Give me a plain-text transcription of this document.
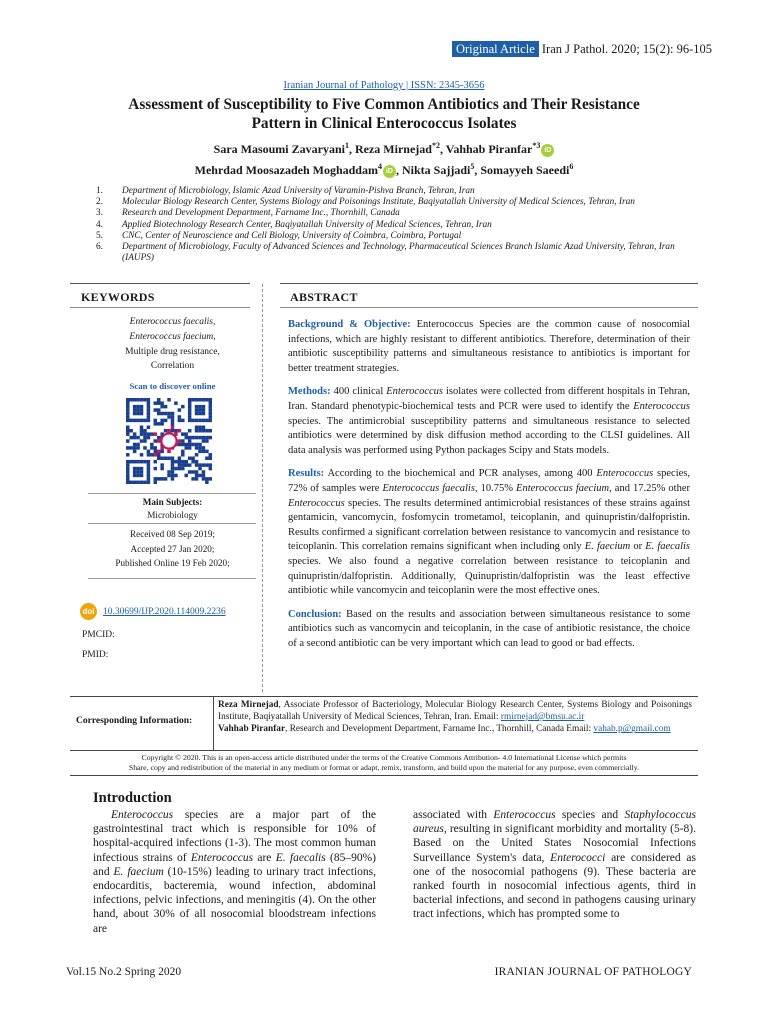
Original Article Iran J Pathol. 2020; 15(2): 96-105
Iranian Journal of Pathology | ISSN: 2345-3656
Assessment of Susceptibility to Five Common Antibiotics and Their Resistance
Pattern in Clinical Enterococcus Isolates
Sara Masoumi Zavaryani$^1$, Reza Mirnejad$^{*2}$, Vahhab Piranfar$^{*3}$iD
Mehrdad Moosazadeh Moghaddam$^4$iD , Nikta Sajjadi$^5$, Somayyeh Saeedi$^6$
1.	Department of Microbiology, Islamic Azad University of Varamin-Pishva Branch, Tehran, Iran
2.	Molecular Biology Research Center, Systems Biology and Poisonings Institute, Baqiyatallah University of Medical Sciences, Tehran, Iran
3.	Research and Development Department, Farname Inc., Thornhill, Canada
4.	Applied Biotechnology Research Center, Baqiyatallah University of Medical Sciences, Tehran, Iran
5.	CNC, Center of Neuroscience and Cell Biology, University of Coimbra, Coimbra, Portugal
6.	Department of Microbiology, Faculty of Advanced Sciences and Technology, Pharmaceutical Sciences Branch Islamic Azad University, Tehran, Iran (IAUPS)
KEYWORDS	ABSTRACT
Enterococcus faecalis,
Enterococcus faecium,
Multiple drug resistance,
Correlation
Scan to discover online
Main Subjects:
Microbiology
Received 08 Sep 2019;
Accepted 27 Jan 2020;
Published Online 19 Feb 2020;
doi 10.30699/IJP.2020.114009.2236
PMCID:
PMID:

Background & Objective: Enterococcus Species are the common cause of nosocomial infections, which are highly resistant to different antibiotics. Therefore, determination of their antibiotic susceptibility patterns and simultaneous resistance to antibiotics is important for better treatment strategies.

Methods: 400 clinical Enterococcus isolates were collected from different hospitals in Tehran, Iran. Standard phenotypic-biochemical tests and PCR were used to identify the Enterococcus species. The antimicrobial susceptibility patterns and simultaneous resistance to selected antibiotics were determined by disk diffusion method according to the CLSI guidelines. All data analysis was performed using Python packages Scipy and Stats models.

Results: According to the biochemical and PCR analyses, among 400 Enterococcus species, 72% of samples were Enterococcus faecalis, 10.75% Enterococcus faecium, and 17.25% other Enterococcus species. The results determined antimicrobial resistances of these strains against gentamicin, vancomycin, fosfomycin trometamol, teicoplanin, and quinupristin/dalfopristin. Results confirmed a significant correlation between resistance to vancomycin and resistance to teicoplanin. This correlation remains significant when including only E. faecium or E. faecalis species. We also found a negative correlation between resistance to teicoplanin and quinupristin/dalfopristin. Additionally, Quinupristin/dalfopristin was the least effective antibiotic while vancomycin and teicoplanin were the most effective ones.

Conclusion: Based on the results and association between simultaneous resistance to some antibiotics such as vancomycin and teicoplanin, in the case of antibiotic resistance, the choice of a second antibiotic can be very important which can lead to good or bad effects.

Corresponding Information:
Reza Mirnejad, Associate Professor of Bacteriology, Molecular Biology Research Center, Systems Biology and Poisonings Institute, Baqiyatallah University of Medical Sciences, Tehran, Iran. Email: rmirnejad@bmsu.ac.ir
Vahhab Piranfar, Research and Development Department, Farname Inc., Thornhill, Canada Email: vahab.p@gmail.com
Copyright © 2020. This is an open-access article distributed under the terms of the Creative Commons Attribution- 4.0 International License which permits
Share, copy and redistribution of the material in any medium or format or adapt, remix, transform, and build upon the material for any purpose, even commercially.
Introduction
Enterococcus species are a major part of the gastrointestinal tract which is responsible for 10% of hospital-acquired infections (1-3). The most common human infectious strains of Enterococcus are E. faecalis (85–90%) and E. faecium (10-15%) leading to urinary tract infections, endocarditis, bacteremia, wound infection, abdominal infections, pelvic infections, and meningitis (4). On the other hand, about 30% of all nosocomial bloodstream infections are
associated with Enterococcus species and Staphylococcus aureus, resulting in significant morbidity and mortality (5-8). Based on the United States Nosocomial Infections Surveillance System's data, Enterococci are considered as one of the nosocomial pathogens (9). These bacteria are ranked fourth in nosocomial infectious agents, third in bacterial infections, and second in pathogens causing urinary tract infections, which has prompted some to
Vol.15 No.2 Spring 2020	IRANIAN JOURNAL OF PATHOLOGY
